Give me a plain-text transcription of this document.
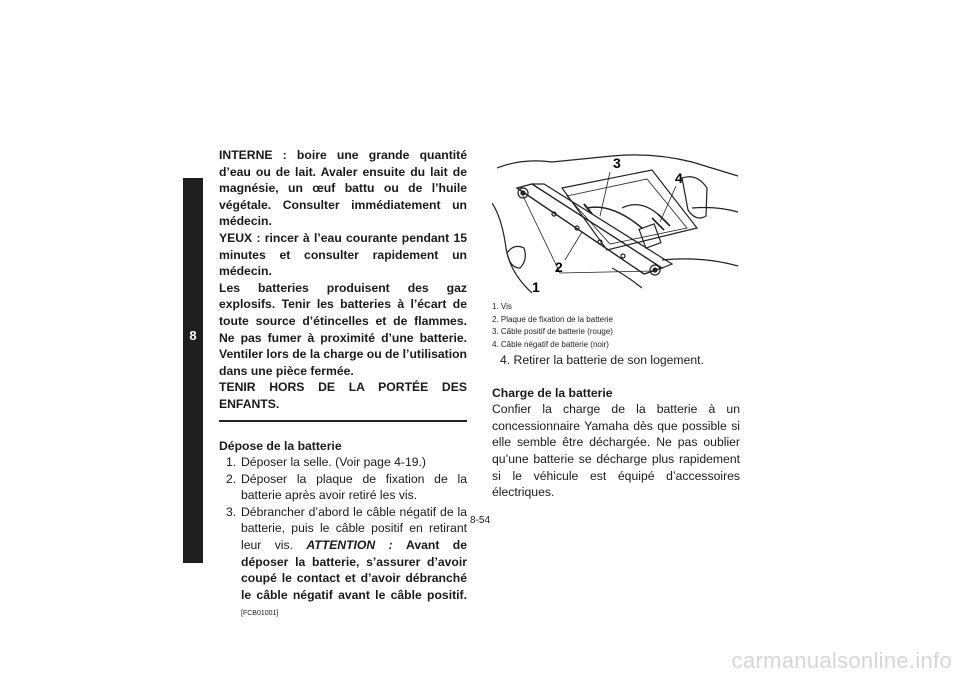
8

INTERNE : boire une grande quantité d’eau ou de lait. Avaler ensuite du lait de magnésie, un œuf battu ou de l’huile végétale. Consulter immédiatement un médecin.

YEUX : rincer à l’eau courante pendant 15 minutes et consulter rapidement un médecin.

Les batteries produisent des gaz explosifs. Tenir les batteries à l’écart de toute source d’étincelles et de flammes. Ne pas fumer à proximité d’une batterie. Ventiler lors de la charge ou de l’utilisation dans une pièce fermée.

TENIR HORS DE LA PORTÉE DES ENFANTS.

Dépose de la batterie

1. Déposer la selle. (Voir page 4-19.)
2. Déposer la plaque de fixation de la batterie après avoir retiré les vis.
3. Débrancher d’abord le câble négatif de la batterie, puis le câble positif en retirant leur vis. ATTENTION : Avant de déposer la batterie, s’assurer d’avoir coupé le contact et d’avoir débranché le câble négatif avant le câble positif. [FCB01001]
1
2
3
4
1. Vis
2. Plaque de fixation de la batterie
3. Câble positif de batterie (rouge)
4. Câble négatif de batterie (noir)

4. Retirer la batterie de son logement.

Charge de la batterie

Confier la charge de la batterie à un concessionnaire Yamaha dès que possible si elle semble être déchargée. Ne pas oublier qu’une batterie se décharge plus rapidement si le véhicule est équipé d’accessoires électriques.

8-54
carmanualsonline.info
